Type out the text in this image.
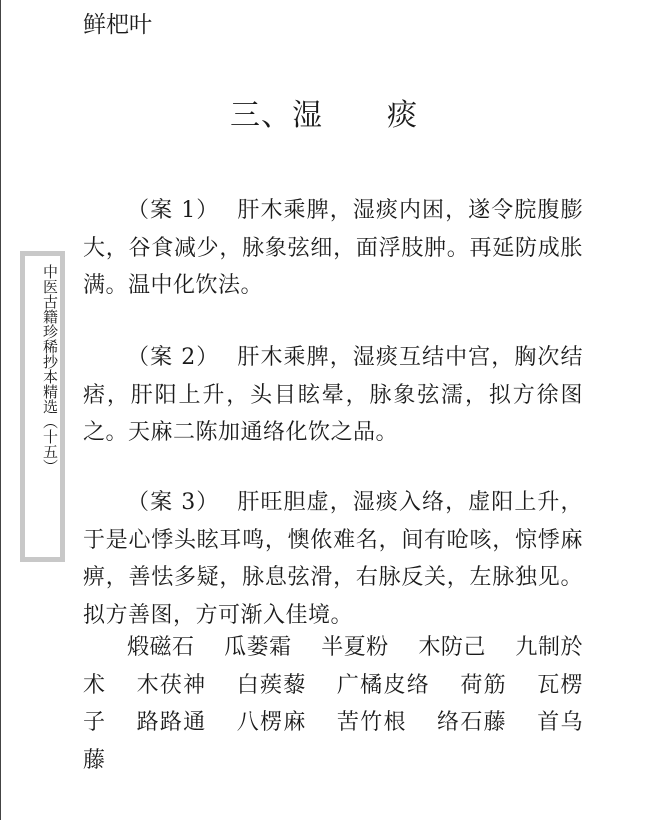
鲜杷叶
三、湿 痰
中医古籍珍稀抄本精选（十五）

（案 1） 肝木乘脾，湿痰内困，遂令脘腹膨大，谷食减少，脉象弦细，面浮肢肿。再延防成胀满。温中化饮法。

（案 2） 肝木乘脾，湿痰互结中宫，胸次结痞，肝阳上升，头目眩晕，脉象弦濡，拟方徐图之。天麻二陈加通络化饮之品。

（案 3） 肝旺胆虚，湿痰入络，虚阳上升，于是心悸头眩耳鸣，懊侬难名，间有呛咳，惊悸麻痹，善怯多疑，脉息弦滑，右脉反关，左脉独见。拟方善图，方可渐入佳境。

煅磁石 瓜蒌霜 半夏粉 木防己 九制於术 木茯神 白蒺藜 广橘皮络 荷筋 瓦楞子 路路通 八楞麻 苦竹根 络石藤 首乌藤
